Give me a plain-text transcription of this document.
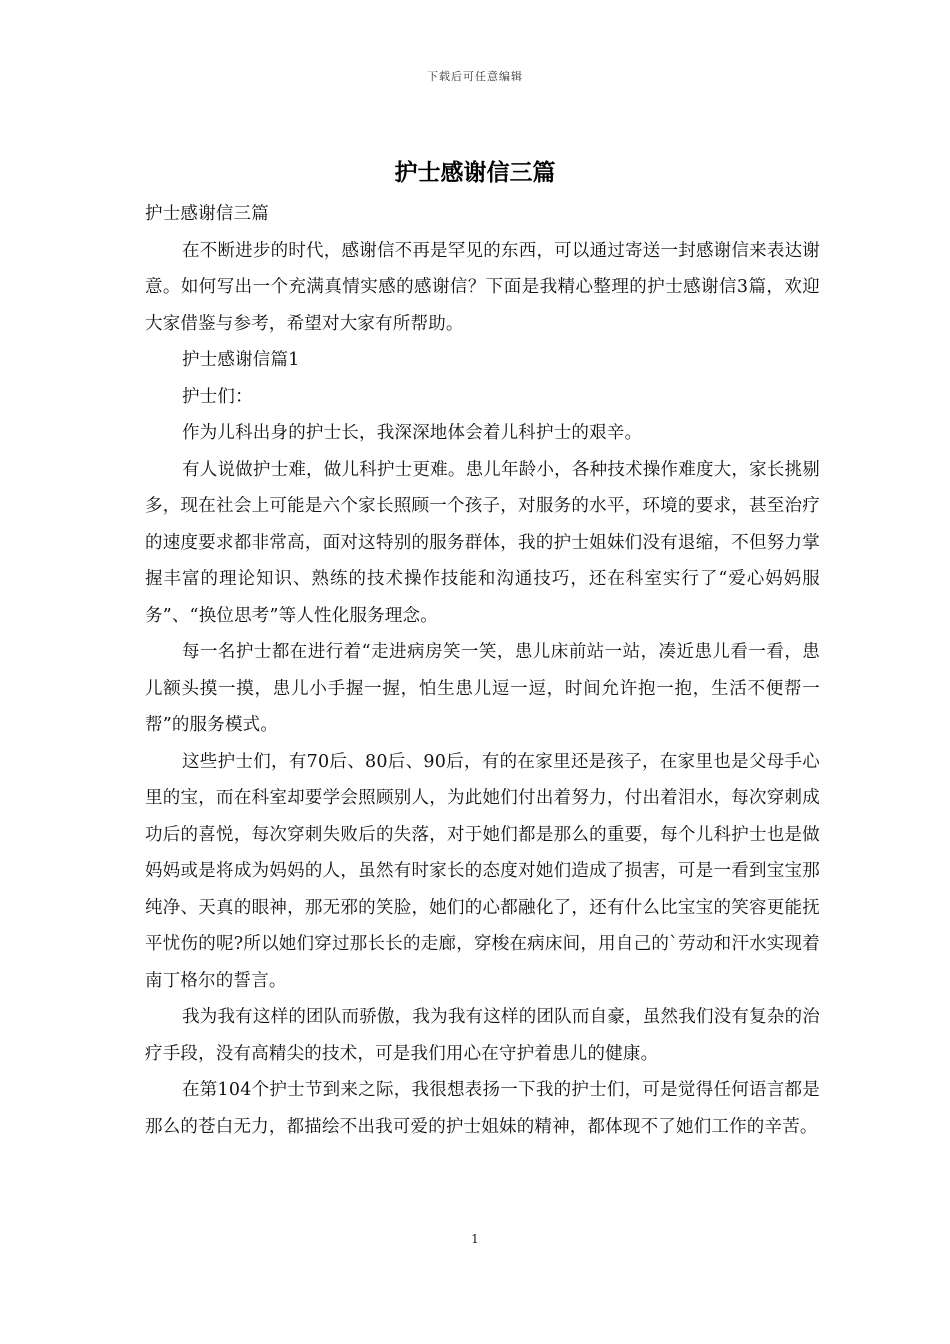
下载后可任意编辑
护士感谢信三篇

护士感谢信三篇

在不断进步的时代，感谢信不再是罕见的东西，可以通过寄送一封感谢信来表达谢意。如何写出一个充满真情实感的感谢信？下面是我精心整理的护士感谢信3篇，欢迎大家借鉴与参考，希望对大家有所帮助。

护士感谢信篇1

护士们：

作为儿科出身的护士长，我深深地体会着儿科护士的艰辛。

有人说做护士难，做儿科护士更难。患儿年龄小，各种技术操作难度大，家长挑剔多，现在社会上可能是六个家长照顾一个孩子，对服务的水平，环境的要求，甚至治疗的速度要求都非常高，面对这特别的服务群体，我的护士姐妹们没有退缩，不但努力掌握丰富的理论知识、熟练的技术操作技能和沟通技巧，还在科室实行了“爱心妈妈服务”、“换位思考”等人性化服务理念。

每一名护士都在进行着“走进病房笑一笑，患儿床前站一站，凑近患儿看一看，患儿额头摸一摸，患儿小手握一握，怕生患儿逗一逗，时间允许抱一抱，生活不便帮一帮”的服务模式。

这些护士们，有70后、80后、90后，有的在家里还是孩子，在家里也是父母手心里的宝，而在科室却要学会照顾别人，为此她们付出着努力，付出着泪水，每次穿刺成功后的喜悦，每次穿刺失败后的失落，对于她们都是那么的重要，每个儿科护士也是做妈妈或是将成为妈妈的人，虽然有时家长的态度对她们造成了损害，可是一看到宝宝那纯净、天真的眼神，那无邪的笑脸，她们的心都融化了，还有什么比宝宝的笑容更能抚平忧伤的呢?所以她们穿过那长长的走廊，穿梭在病床间，用自己的`劳动和汗水实现着南丁格尔的誓言。

我为我有这样的团队而骄傲，我为我有这样的团队而自豪，虽然我们没有复杂的治疗手段，没有高精尖的技术，可是我们用心在守护着患儿的健康。

在第104个护士节到来之际，我很想表扬一下我的护士们，可是觉得任何语言都是那么的苍白无力，都描绘不出我可爱的护士姐妹的精神，都体现不了她们工作的辛苦。

1
